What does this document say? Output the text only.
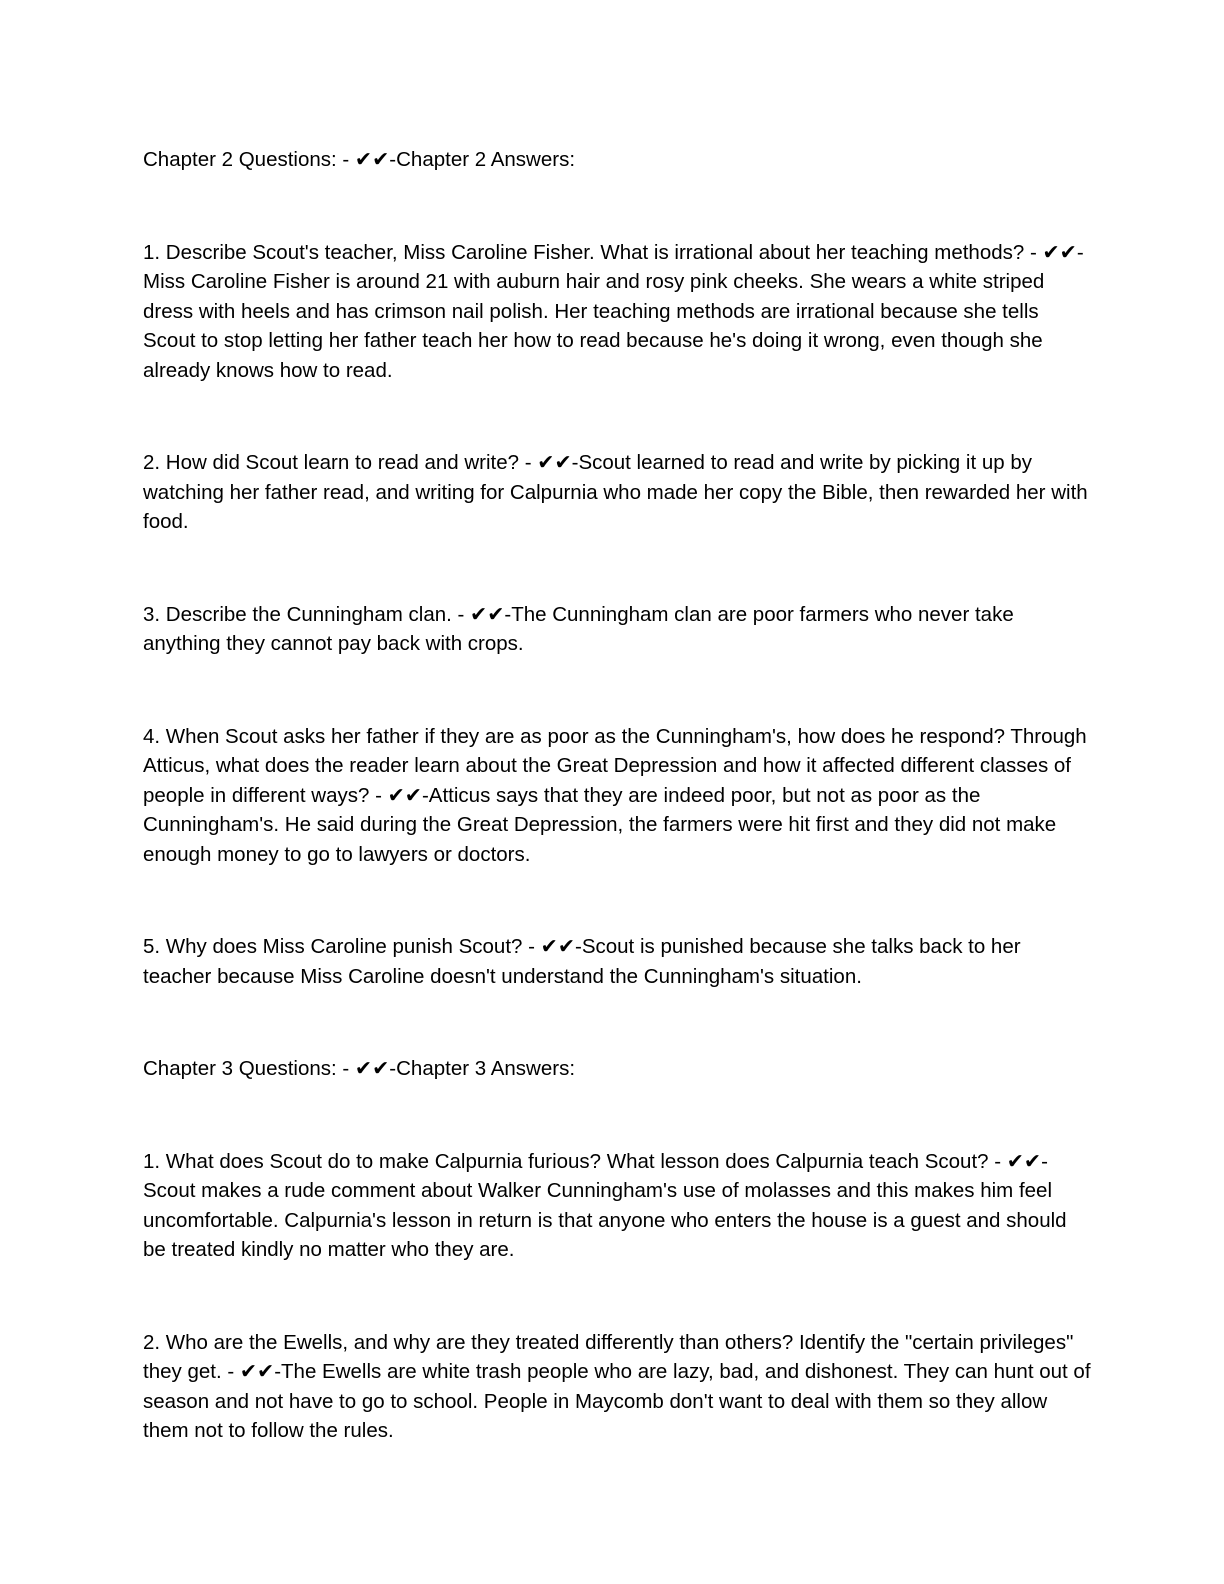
Chapter 2 Questions: - ✔✔-Chapter 2 Answers:

1. Describe Scout's teacher, Miss Caroline Fisher. What is irrational about her teaching methods? - ✔✔-Miss Caroline Fisher is around 21 with auburn hair and rosy pink cheeks. She wears a white striped dress with heels and has crimson nail polish. Her teaching methods are irrational because she tells Scout to stop letting her father teach her how to read because he's doing it wrong, even though she already knows how to read.

2. How did Scout learn to read and write? - ✔✔-Scout learned to read and write by picking it up by watching her father read, and writing for Calpurnia who made her copy the Bible, then rewarded her with food.

3. Describe the Cunningham clan. - ✔✔-The Cunningham clan are poor farmers who never take anything they cannot pay back with crops.

4. When Scout asks her father if they are as poor as the Cunningham's, how does he respond? Through Atticus, what does the reader learn about the Great Depression and how it affected different classes of people in different ways? - ✔✔-Atticus says that they are indeed poor, but not as poor as the Cunningham's. He said during the Great Depression, the farmers were hit first and they did not make enough money to go to lawyers or doctors.

5. Why does Miss Caroline punish Scout? - ✔✔-Scout is punished because she talks back to her teacher because Miss Caroline doesn't understand the Cunningham's situation.

Chapter 3 Questions: - ✔✔-Chapter 3 Answers:

1. What does Scout do to make Calpurnia furious? What lesson does Calpurnia teach Scout? - ✔✔-Scout makes a rude comment about Walker Cunningham's use of molasses and this makes him feel uncomfortable. Calpurnia's lesson in return is that anyone who enters the house is a guest and should be treated kindly no matter who they are.

2. Who are the Ewells, and why are they treated differently than others? Identify the "certain privileges" they get. - ✔✔-The Ewells are white trash people who are lazy, bad, and dishonest. They can hunt out of season and not have to go to school. People in Maycomb don't want to deal with them so they allow them not to follow the rules.
